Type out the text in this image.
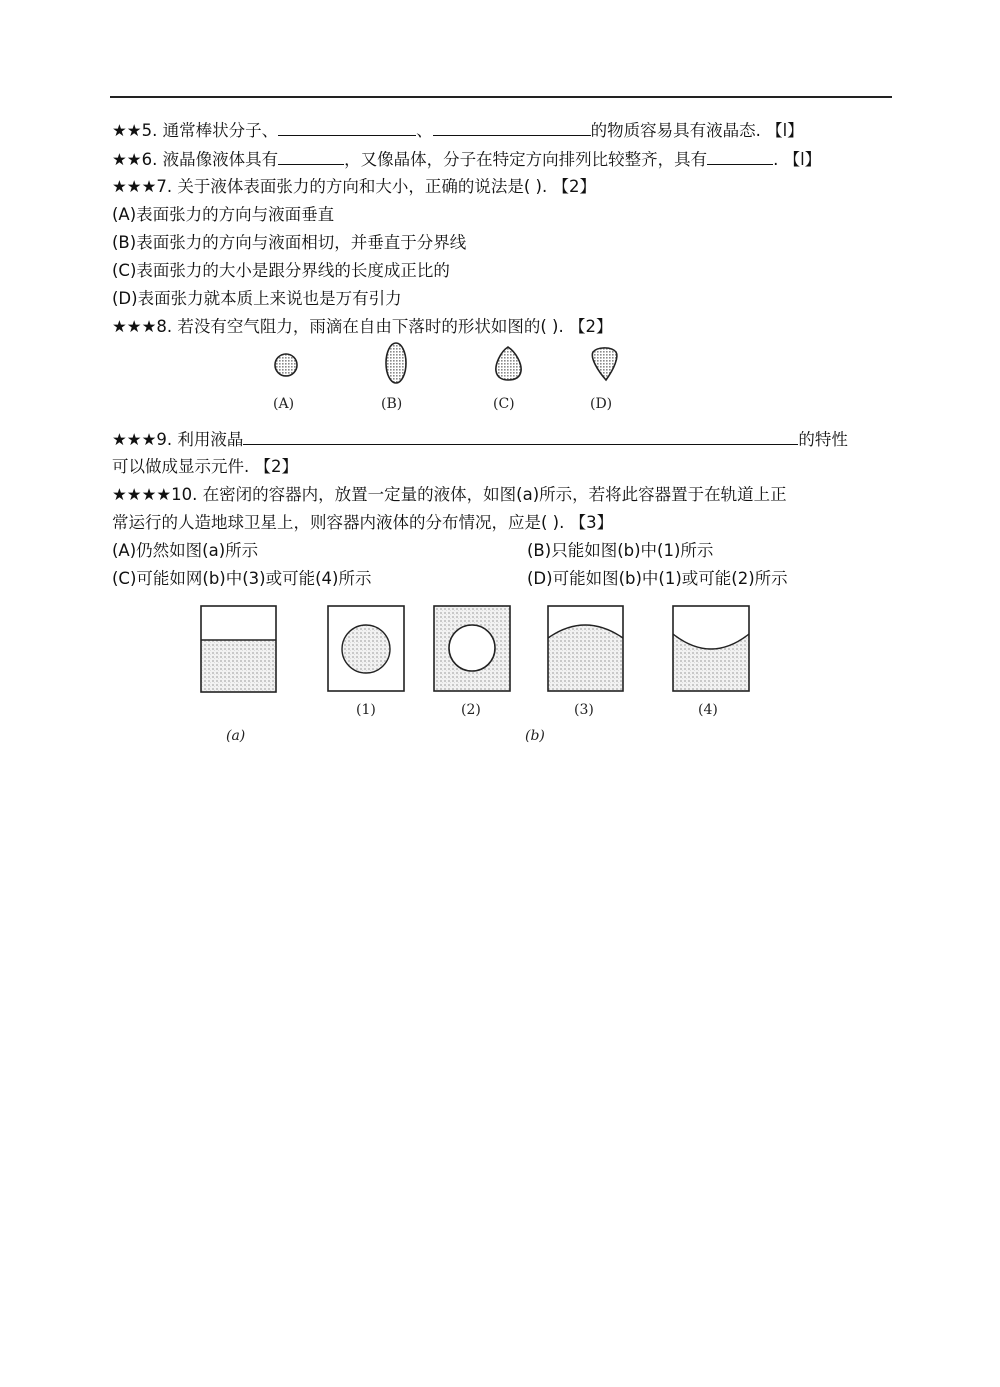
★★5. 通常棒状分子、	、	的物质容易具有液晶态. 【l】
★★6. 液晶像液体具有	，又像晶体，分子在特定方向排列比较整齐，具有	. 【l】
★★★7. 关于液体表面张力的方向和大小，正确的说法是( ). 【2】
(A)表面张力的方向与液面垂直
(B)表面张力的方向与液面相切，并垂直于分界线
(C)表面张力的大小是跟分界线的长度成正比的
(D)表面张力就本质上来说也是万有引力
★★★8. 若没有空气阻力，雨滴在自由下落时的形状如图的( ). 【2】
(A)	(B)	(C)	(D)
★★★9. 利用液晶	的特性
可以做成显示元件. 【2】
★★★★10. 在密闭的容器内，放置一定量的液体，如图(a)所示，若将此容器置于在轨道上正
常运行的人造地球卫星上，则容器内液体的分布情况，应是( ). 【3】
(A)仍然如图(a)所示	(B)只能如图(b)中(1)所示
(C)可能如网(b)中(3)或可能(4)所示	(D)可能如图(b)中(1)或可能(2)所示
(1)	(2)	(3)	(4)
(a)	(b)
